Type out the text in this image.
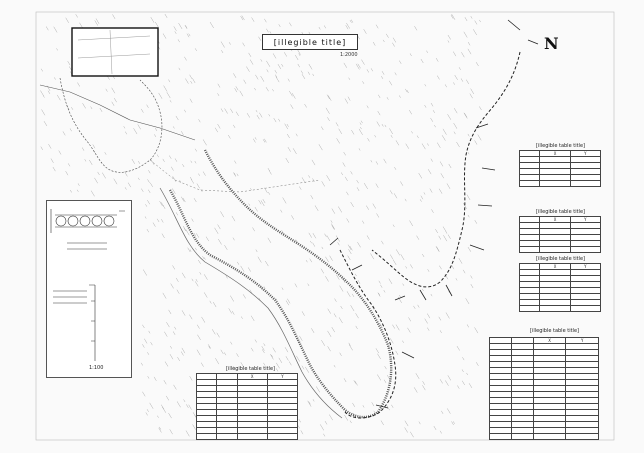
[illegible title]
1:2000
N
1:100
[illegible table title]
	X	Y

[illegible table title]
	X	Y

[illegible table title]
	X	Y

[illegible table title]
		X	Y

[illegible table title]
		X	Y
